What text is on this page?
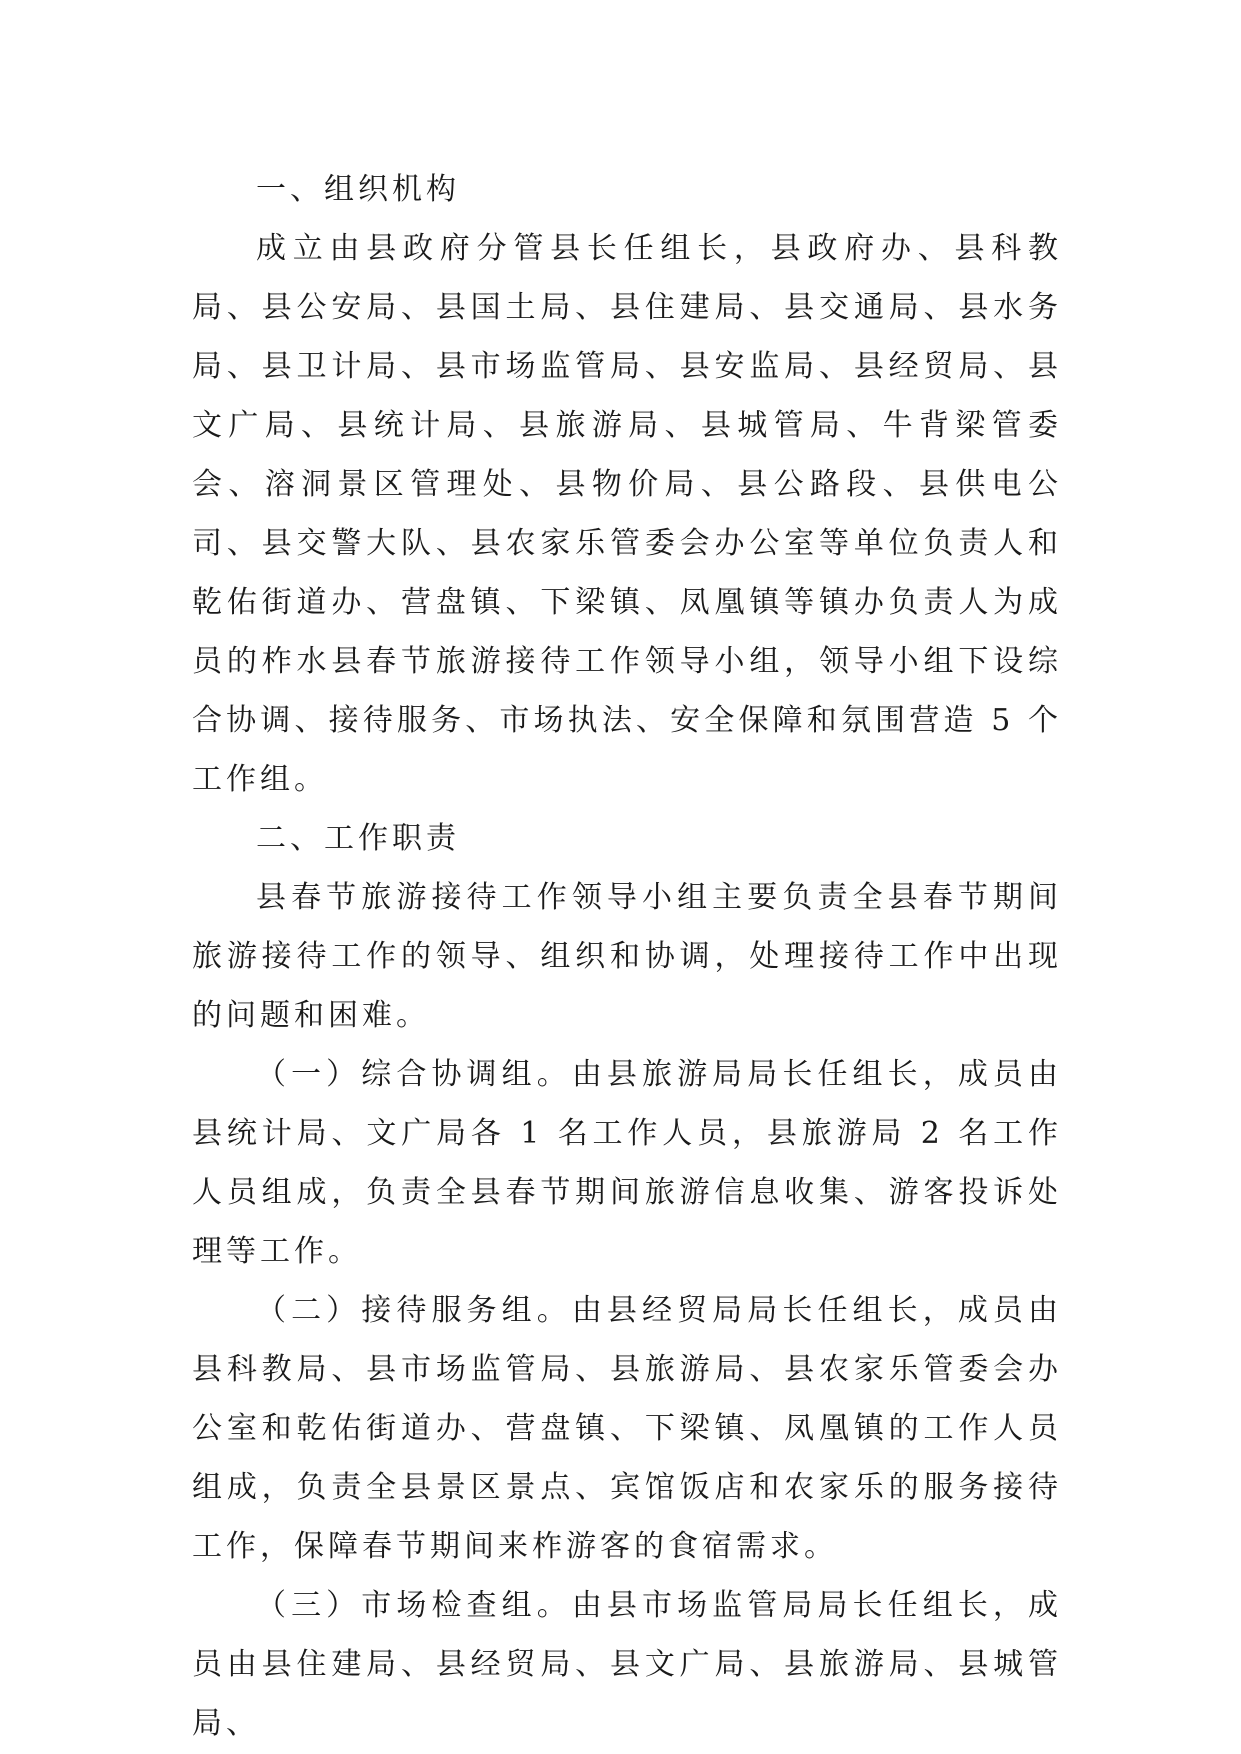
一、组织机构

成立由县政府分管县长任组长，县政府办、县科教局、县公安局、县国土局、县住建局、县交通局、县水务局、县卫计局、县市场监管局、县安监局、县经贸局、县文广局、县统计局、县旅游局、县城管局、牛背梁管委会、溶洞景区管理处、县物价局、县公路段、县供电公司、县交警大队、县农家乐管委会办公室等单位负责人和乾佑街道办、营盘镇、下梁镇、凤凰镇等镇办负责人为成员的柞水县春节旅游接待工作领导小组，领导小组下设综合协调、接待服务、市场执法、安全保障和氛围营造 5 个工作组。

二、工作职责

县春节旅游接待工作领导小组主要负责全县春节期间旅游接待工作的领导、组织和协调，处理接待工作中出现的问题和困难。

（一）综合协调组。由县旅游局局长任组长，成员由县统计局、文广局各 1 名工作人员，县旅游局 2 名工作人员组成，负责全县春节期间旅游信息收集、游客投诉处理等工作。

（二）接待服务组。由县经贸局局长任组长，成员由县科教局、县市场监管局、县旅游局、县农家乐管委会办公室和乾佑街道办、营盘镇、下梁镇、凤凰镇的工作人员组成，负责全县景区景点、宾馆饭店和农家乐的服务接待工作，保障春节期间来柞游客的食宿需求。

（三）市场检查组。由县市场监管局局长任组长，成员由县住建局、县经贸局、县文广局、县旅游局、县城管局、
